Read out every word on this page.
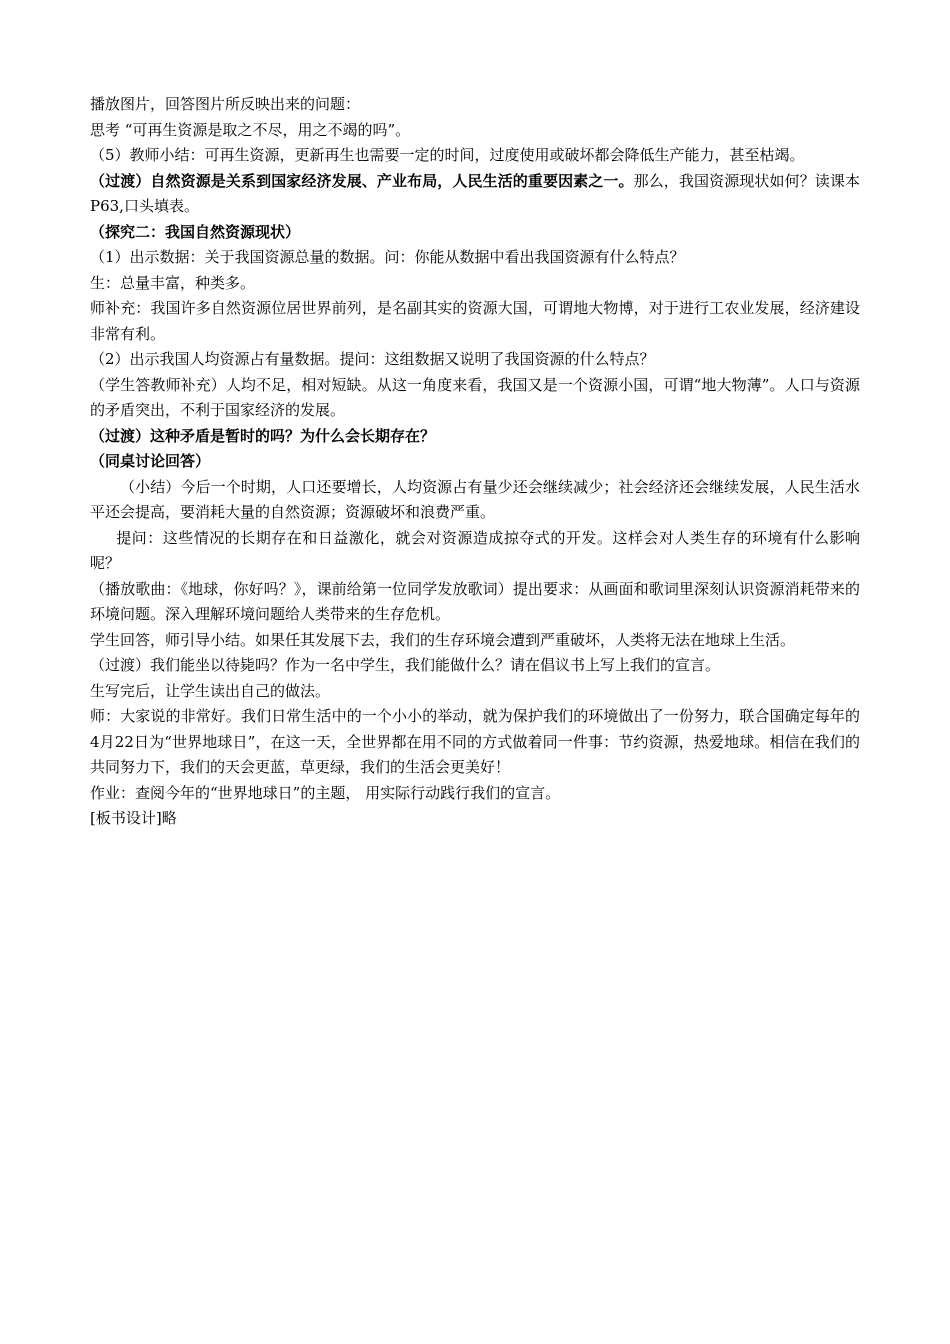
播放图片，回答图片所反映出来的问题：

思考 “可再生资源是取之不尽，用之不竭的吗”。

（5）教师小结：可再生资源，更新再生也需要一定的时间，过度使用或破坏都会降低生产能力，甚至枯竭。

（过渡）自然资源是关系到国家经济发展、产业布局，人民生活的重要因素之一。那么，我国资源现状如何？读课本P63,口头填表。

（探究二：我国自然资源现状）

（1）出示数据：关于我国资源总量的数据。问：你能从数据中看出我国资源有什么特点？

生：总量丰富，种类多。

师补充：我国许多自然资源位居世界前列，是名副其实的资源大国，可谓地大物博，对于进行工农业发展，经济建设非常有利。

（2）出示我国人均资源占有量数据。提问：这组数据又说明了我国资源的什么特点？

（学生答教师补充）人均不足，相对短缺。从这一角度来看，我国又是一个资源小国，可谓“地大物薄”。人口与资源的矛盾突出，不利于国家经济的发展。

（过渡）这种矛盾是暂时的吗？为什么会长期存在？

（同桌讨论回答）

（小结）今后一个时期，人口还要增长，人均资源占有量少还会继续减少；社会经济还会继续发展，人民生活水平还会提高，要消耗大量的自然资源；资源破坏和浪费严重。

提问：这些情况的长期存在和日益激化，就会对资源造成掠夺式的开发。这样会对人类生存的环境有什么影响呢？

（播放歌曲：《地球，你好吗？》，课前给第一位同学发放歌词）提出要求：从画面和歌词里深刻认识资源消耗带来的环境问题。深入理解环境问题给人类带来的生存危机。

学生回答，师引导小结。如果任其发展下去，我们的生存环境会遭到严重破坏，人类将无法在地球上生活。

（过渡）我们能坐以待毙吗？作为一名中学生，我们能做什么？请在倡议书上写上我们的宣言。

生写完后，让学生读出自己的做法。

师：大家说的非常好。我们日常生活中的一个小小的举动，就为保护我们的环境做出了一份努力，联合国确定每年的4月22日为“世界地球日”，在这一天，全世界都在用不同的方式做着同一件事：节约资源，热爱地球。相信在我们的共同努力下，我们的天会更蓝，草更绿，我们的生活会更美好！

作业：查阅今年的“世界地球日”的主题， 用实际行动践行我们的宣言。

[板书设计]略
